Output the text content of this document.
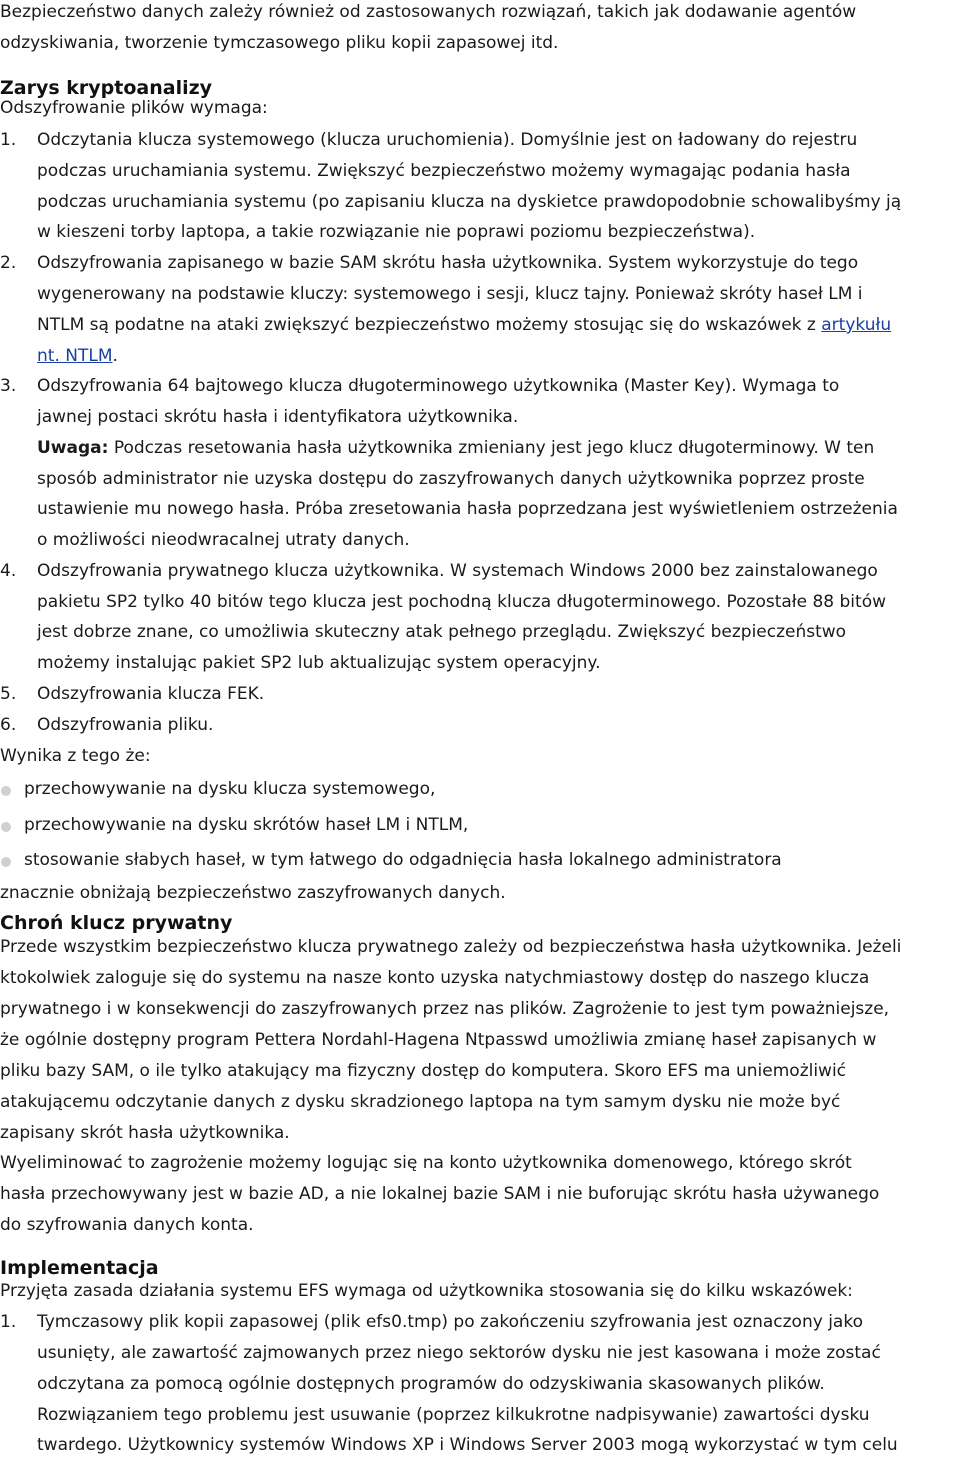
Bezpieczeństwo danych zależy również od zastosowanych rozwiązań, takich jak dodawanie agentów
odzyskiwania, tworzenie tymczasowego pliku kopii zapasowej itd.
Zarys kryptoanalizy
Odszyfrowanie plików wymaga:
1. Odczytania klucza systemowego (klucza uruchomienia). Domyślnie jest on ładowany do rejestru
podczas uruchamiania systemu. Zwiększyć bezpieczeństwo możemy wymagając podania hasła
podczas uruchamiania systemu (po zapisaniu klucza na dyskietce prawdopodobnie schowalibyśmy ją
w kieszeni torby laptopa, a takie rozwiązanie nie poprawi poziomu bezpieczeństwa).
2. Odszyfrowania zapisanego w bazie SAM skrótu hasła użytkownika. System wykorzystuje do tego
wygenerowany na podstawie kluczy: systemowego i sesji, klucz tajny. Ponieważ skróty haseł LM i
NTLM są podatne na ataki zwiększyć bezpieczeństwo możemy stosując się do wskazówek z artykułu
nt. NTLM.
3. Odszyfrowania 64 bajtowego klucza długoterminowego użytkownika (Master Key). Wymaga to
jawnej postaci skrótu hasła i identyfikatora użytkownika.
Uwaga: Podczas resetowania hasła użytkownika zmieniany jest jego klucz długoterminowy. W ten
sposób administrator nie uzyska dostępu do zaszyfrowanych danych użytkownika poprzez proste
ustawienie mu nowego hasła. Próba zresetowania hasła poprzedzana jest wyświetleniem ostrzeżenia
o możliwości nieodwracalnej utraty danych.
4. Odszyfrowania prywatnego klucza użytkownika. W systemach Windows 2000 bez zainstalowanego
pakietu SP2 tylko 40 bitów tego klucza jest pochodną klucza długoterminowego. Pozostałe 88 bitów
jest dobrze znane, co umożliwia skuteczny atak pełnego przeglądu. Zwiększyć bezpieczeństwo
możemy instalując pakiet SP2 lub aktualizując system operacyjny.
5. Odszyfrowania klucza FEK.
6. Odszyfrowania pliku.
Wynika z tego że:
przechowywanie na dysku klucza systemowego,
przechowywanie na dysku skrótów haseł LM i NTLM,
stosowanie słabych haseł, w tym łatwego do odgadnięcia hasła lokalnego administratora
znacznie obniżają bezpieczeństwo zaszyfrowanych danych.
Chroń klucz prywatny
Przede wszystkim bezpieczeństwo klucza prywatnego zależy od bezpieczeństwa hasła użytkownika. Jeżeli
ktokolwiek zaloguje się do systemu na nasze konto uzyska natychmiastowy dostęp do naszego klucza
prywatnego i w konsekwencji do zaszyfrowanych przez nas plików. Zagrożenie to jest tym poważniejsze,
że ogólnie dostępny program Pettera Nordahl-Hagena Ntpasswd umożliwia zmianę haseł zapisanych w
pliku bazy SAM, o ile tylko atakujący ma fizyczny dostęp do komputera. Skoro EFS ma uniemożliwić
atakującemu odczytanie danych z dysku skradzionego laptopa na tym samym dysku nie może być
zapisany skrót hasła użytkownika.
Wyeliminować to zagrożenie możemy logując się na konto użytkownika domenowego, którego skrót
hasła przechowywany jest w bazie AD, a nie lokalnej bazie SAM i nie buforując skrótu hasła używanego
do szyfrowania danych konta.
Implementacja
Przyjęta zasada działania systemu EFS wymaga od użytkownika stosowania się do kilku wskazówek:
1. Tymczasowy plik kopii zapasowej (plik efs0.tmp) po zakończeniu szyfrowania jest oznaczony jako
usunięty, ale zawartość zajmowanych przez niego sektorów dysku nie jest kasowana i może zostać
odczytana za pomocą ogólnie dostępnych programów do odzyskiwania skasowanych plików.
Rozwiązaniem tego problemu jest usuwanie (poprzez kilkukrotne nadpisywanie) zawartości dysku
twardego. Użytkownicy systemów Windows XP i Windows Server 2003 mogą wykorzystać w tym celu
